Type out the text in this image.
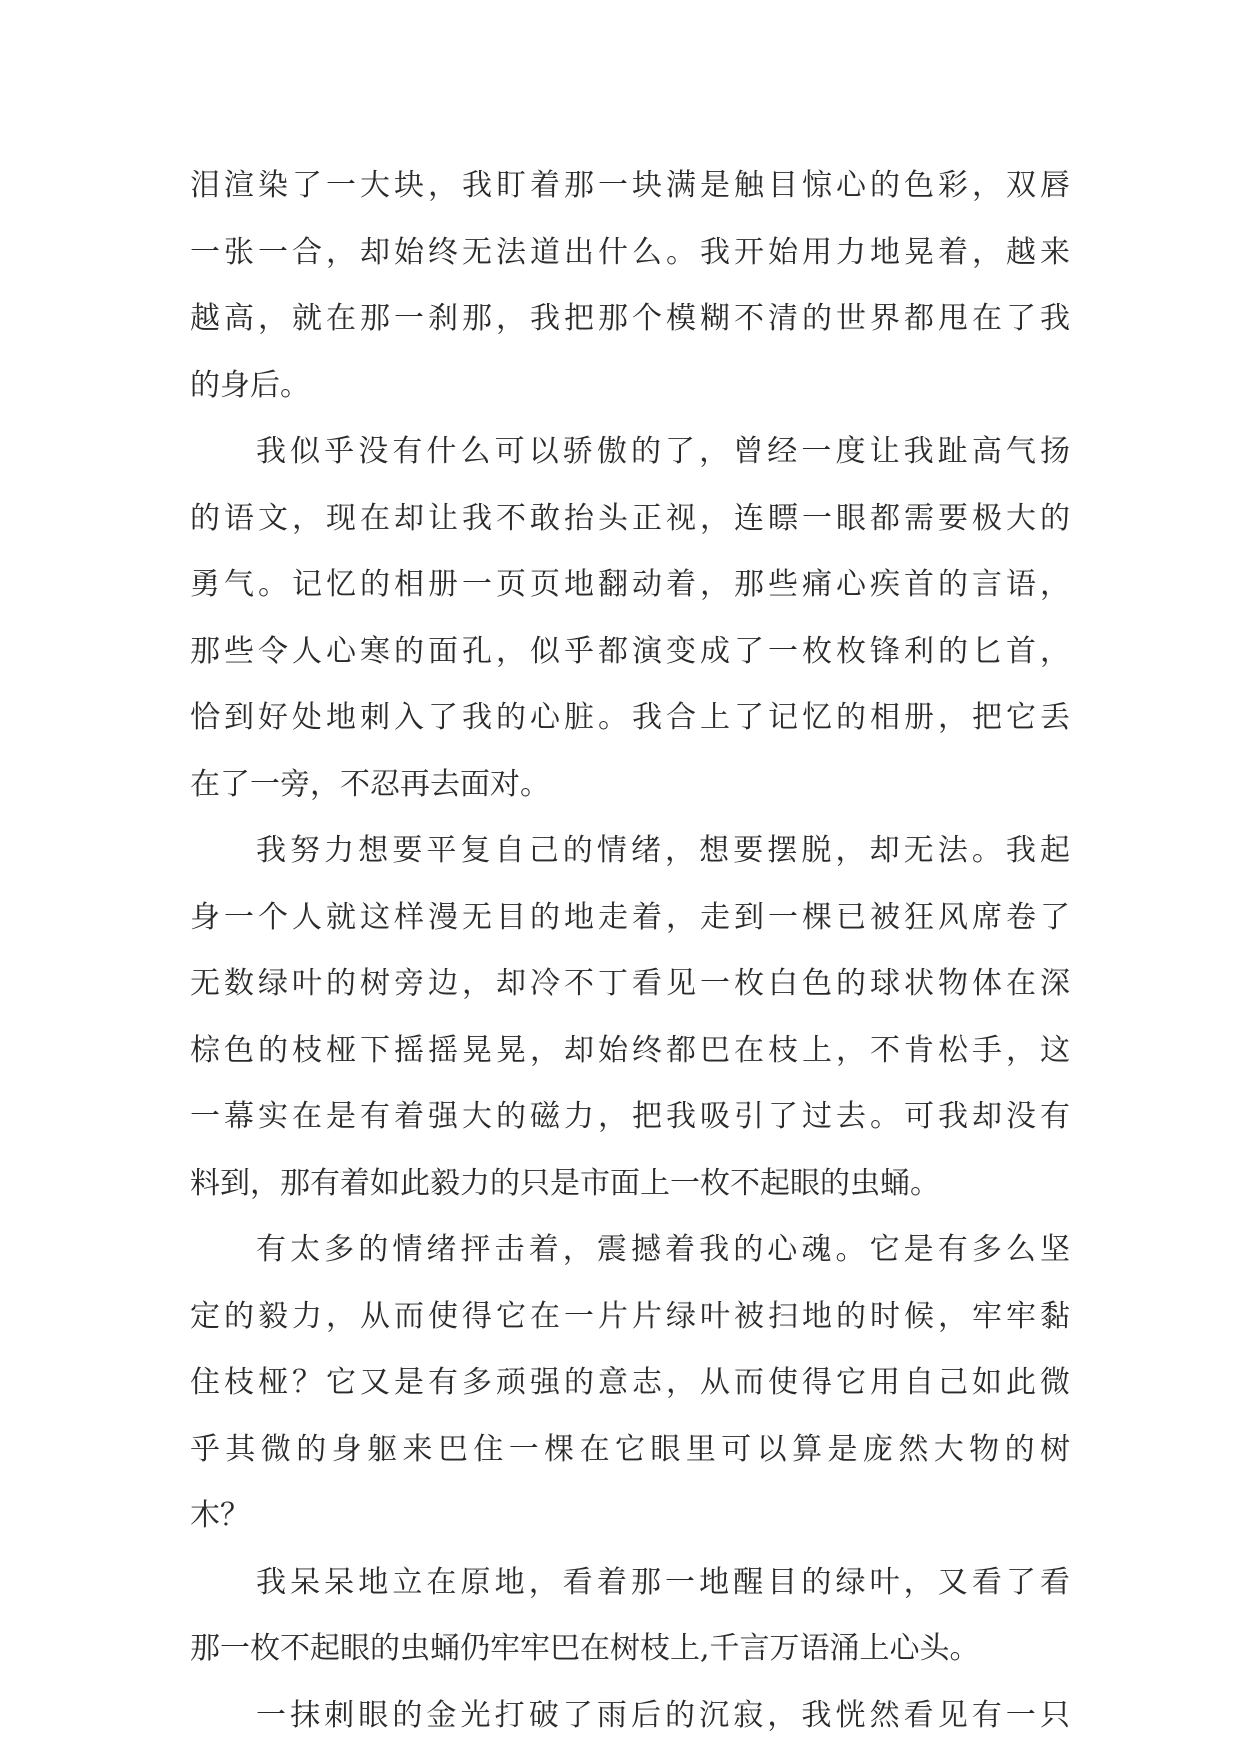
泪渲染了一大块，我盯着那一块满是触目惊心的色彩，双唇
一张一合，却始终无法道出什么。我开始用力地晃着，越来
越高，就在那一刹那，我把那个模糊不清的世界都甩在了我
的身后。
我似乎没有什么可以骄傲的了，曾经一度让我趾高气扬
的语文，现在却让我不敢抬头正视，连瞟一眼都需要极大的
勇气。记忆的相册一页页地翻动着，那些痛心疾首的言语，
那些令人心寒的面孔，似乎都演变成了一枚枚锋利的匕首，
恰到好处地刺入了我的心脏。我合上了记忆的相册，把它丢
在了一旁，不忍再去面对。
我努力想要平复自己的情绪，想要摆脱，却无法。我起
身一个人就这样漫无目的地走着，走到一棵已被狂风席卷了
无数绿叶的树旁边，却冷不丁看见一枚白色的球状物体在深
棕色的枝桠下摇摇晃晃，却始终都巴在枝上，不肯松手，这
一幕实在是有着强大的磁力，把我吸引了过去。可我却没有
料到，那有着如此毅力的只是市面上一枚不起眼的虫蛹。
有太多的情绪抨击着，震撼着我的心魂。它是有多么坚
定的毅力，从而使得它在一片片绿叶被扫地的时候，牢牢黏
住枝桠？它又是有多顽强的意志，从而使得它用自己如此微
乎其微的身躯来巴住一棵在它眼里可以算是庞然大物的树
木？
我呆呆地立在原地，看着那一地醒目的绿叶，又看了看
那一枚不起眼的虫蛹仍牢牢巴在树枝上,千言万语涌上心头。
一抹刺眼的金光打破了雨后的沉寂，我恍然看见有一只
